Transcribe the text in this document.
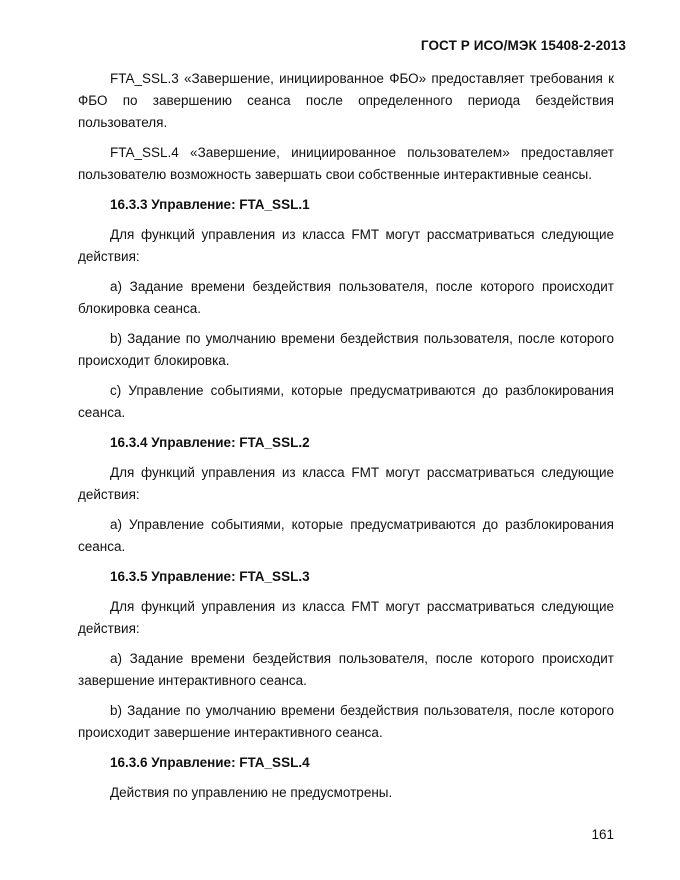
ГОСТ Р ИСО/МЭК 15408-2-2013

FTA_SSL.3 «Завершение, инициированное ФБО» предоставляет требования к ФБО по завершению сеанса после определенного периода бездействия пользователя.

FTA_SSL.4 «Завершение, инициированное пользователем» предоставляет пользователю возможность завершать свои собственные интерактивные сеансы.

16.3.3 Управление: FTA_SSL.1

Для функций управления из класса FMT могут рассматриваться следующие действия:

a) Задание времени бездействия пользователя, после которого происходит блокировка сеанса.

b) Задание по умолчанию времени бездействия пользователя, после которого происходит блокировка.

c) Управление событиями, которые предусматриваются до разблокирования сеанса.

16.3.4 Управление: FTA_SSL.2

Для функций управления из класса FMT могут рассматриваться следующие действия:

a) Управление событиями, которые предусматриваются до разблокирования сеанса.

16.3.5 Управление: FTA_SSL.3

Для функций управления из класса FMT могут рассматриваться следующие действия:

a) Задание времени бездействия пользователя, после которого происходит завершение интерактивного сеанса.

b) Задание по умолчанию времени бездействия пользователя, после которого происходит завершение интерактивного сеанса.

16.3.6 Управление: FTA_SSL.4

Действия по управлению не предусмотрены.

161
